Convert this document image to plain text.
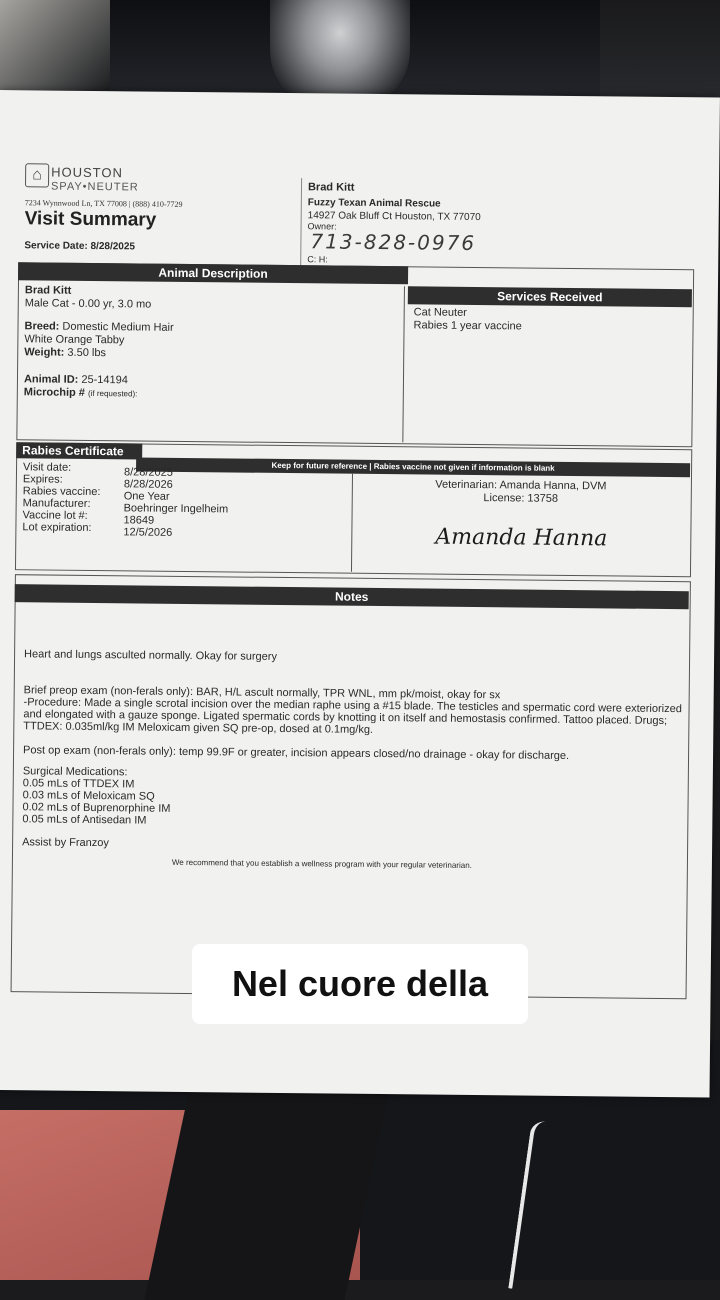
⌂ HOUSTON
SPAY•NEUTER
7234 Wynnwood Ln, TX 77008 | (888) 410-7729
Visit Summary
Service Date: 8/28/2025
Brad Kitt
Fuzzy Texan Animal Rescue
14927 Oak Bluff Ct Houston, TX 77070
Owner:
713-828-0976
C: H:
Animal Description
Services Received
Brad Kitt
Male Cat - 0.00 yr, 3.0 mo
Breed: Domestic Medium Hair
White Orange Tabby
Weight: 3.50 lbs
Animal ID: 25-14194
Microchip # (if requested):
Cat Neuter
Rabies 1 year vaccine
Rabies Certificate
Keep for future reference | Rabies vaccine not given if information is blank
Visit date:
Expires:
Rabies vaccine:
Manufacturer:
Vaccine lot #:
Lot expiration:
8/28/2025
8/28/2026
One Year
Boehringer Ingelheim
18649
12/5/2026
Veterinarian: Amanda Hanna, DVM
License: 13758
Amanda Hanna
Notes
Heart and lungs asculted normally. Okay for surgery
Brief preop exam (non-ferals only): BAR, H/L ascult normally, TPR WNL, mm pk/moist, okay for sx
-Procedure: Made a single scrotal incision over the median raphe using a #15 blade. The testicles and spermatic cord were exteriorized and elongated with a gauze sponge. Ligated spermatic cords by knotting it on itself and hemostasis confirmed. Tattoo placed. Drugs; TTDEX: 0.035ml/kg IM Meloxicam given SQ pre-op, dosed at 0.1mg/kg.
Post op exam (non-ferals only): temp 99.9F or greater, incision appears closed/no drainage - okay for discharge.
Surgical Medications:
0.05 mLs of TTDEX IM
0.03 mLs of Meloxicam SQ
0.02 mLs of Buprenorphine IM
0.05 mLs of Antisedan IM
Assist by Franzoy
We recommend that you establish a wellness program with your regular veterinarian.
Nel cuore della
